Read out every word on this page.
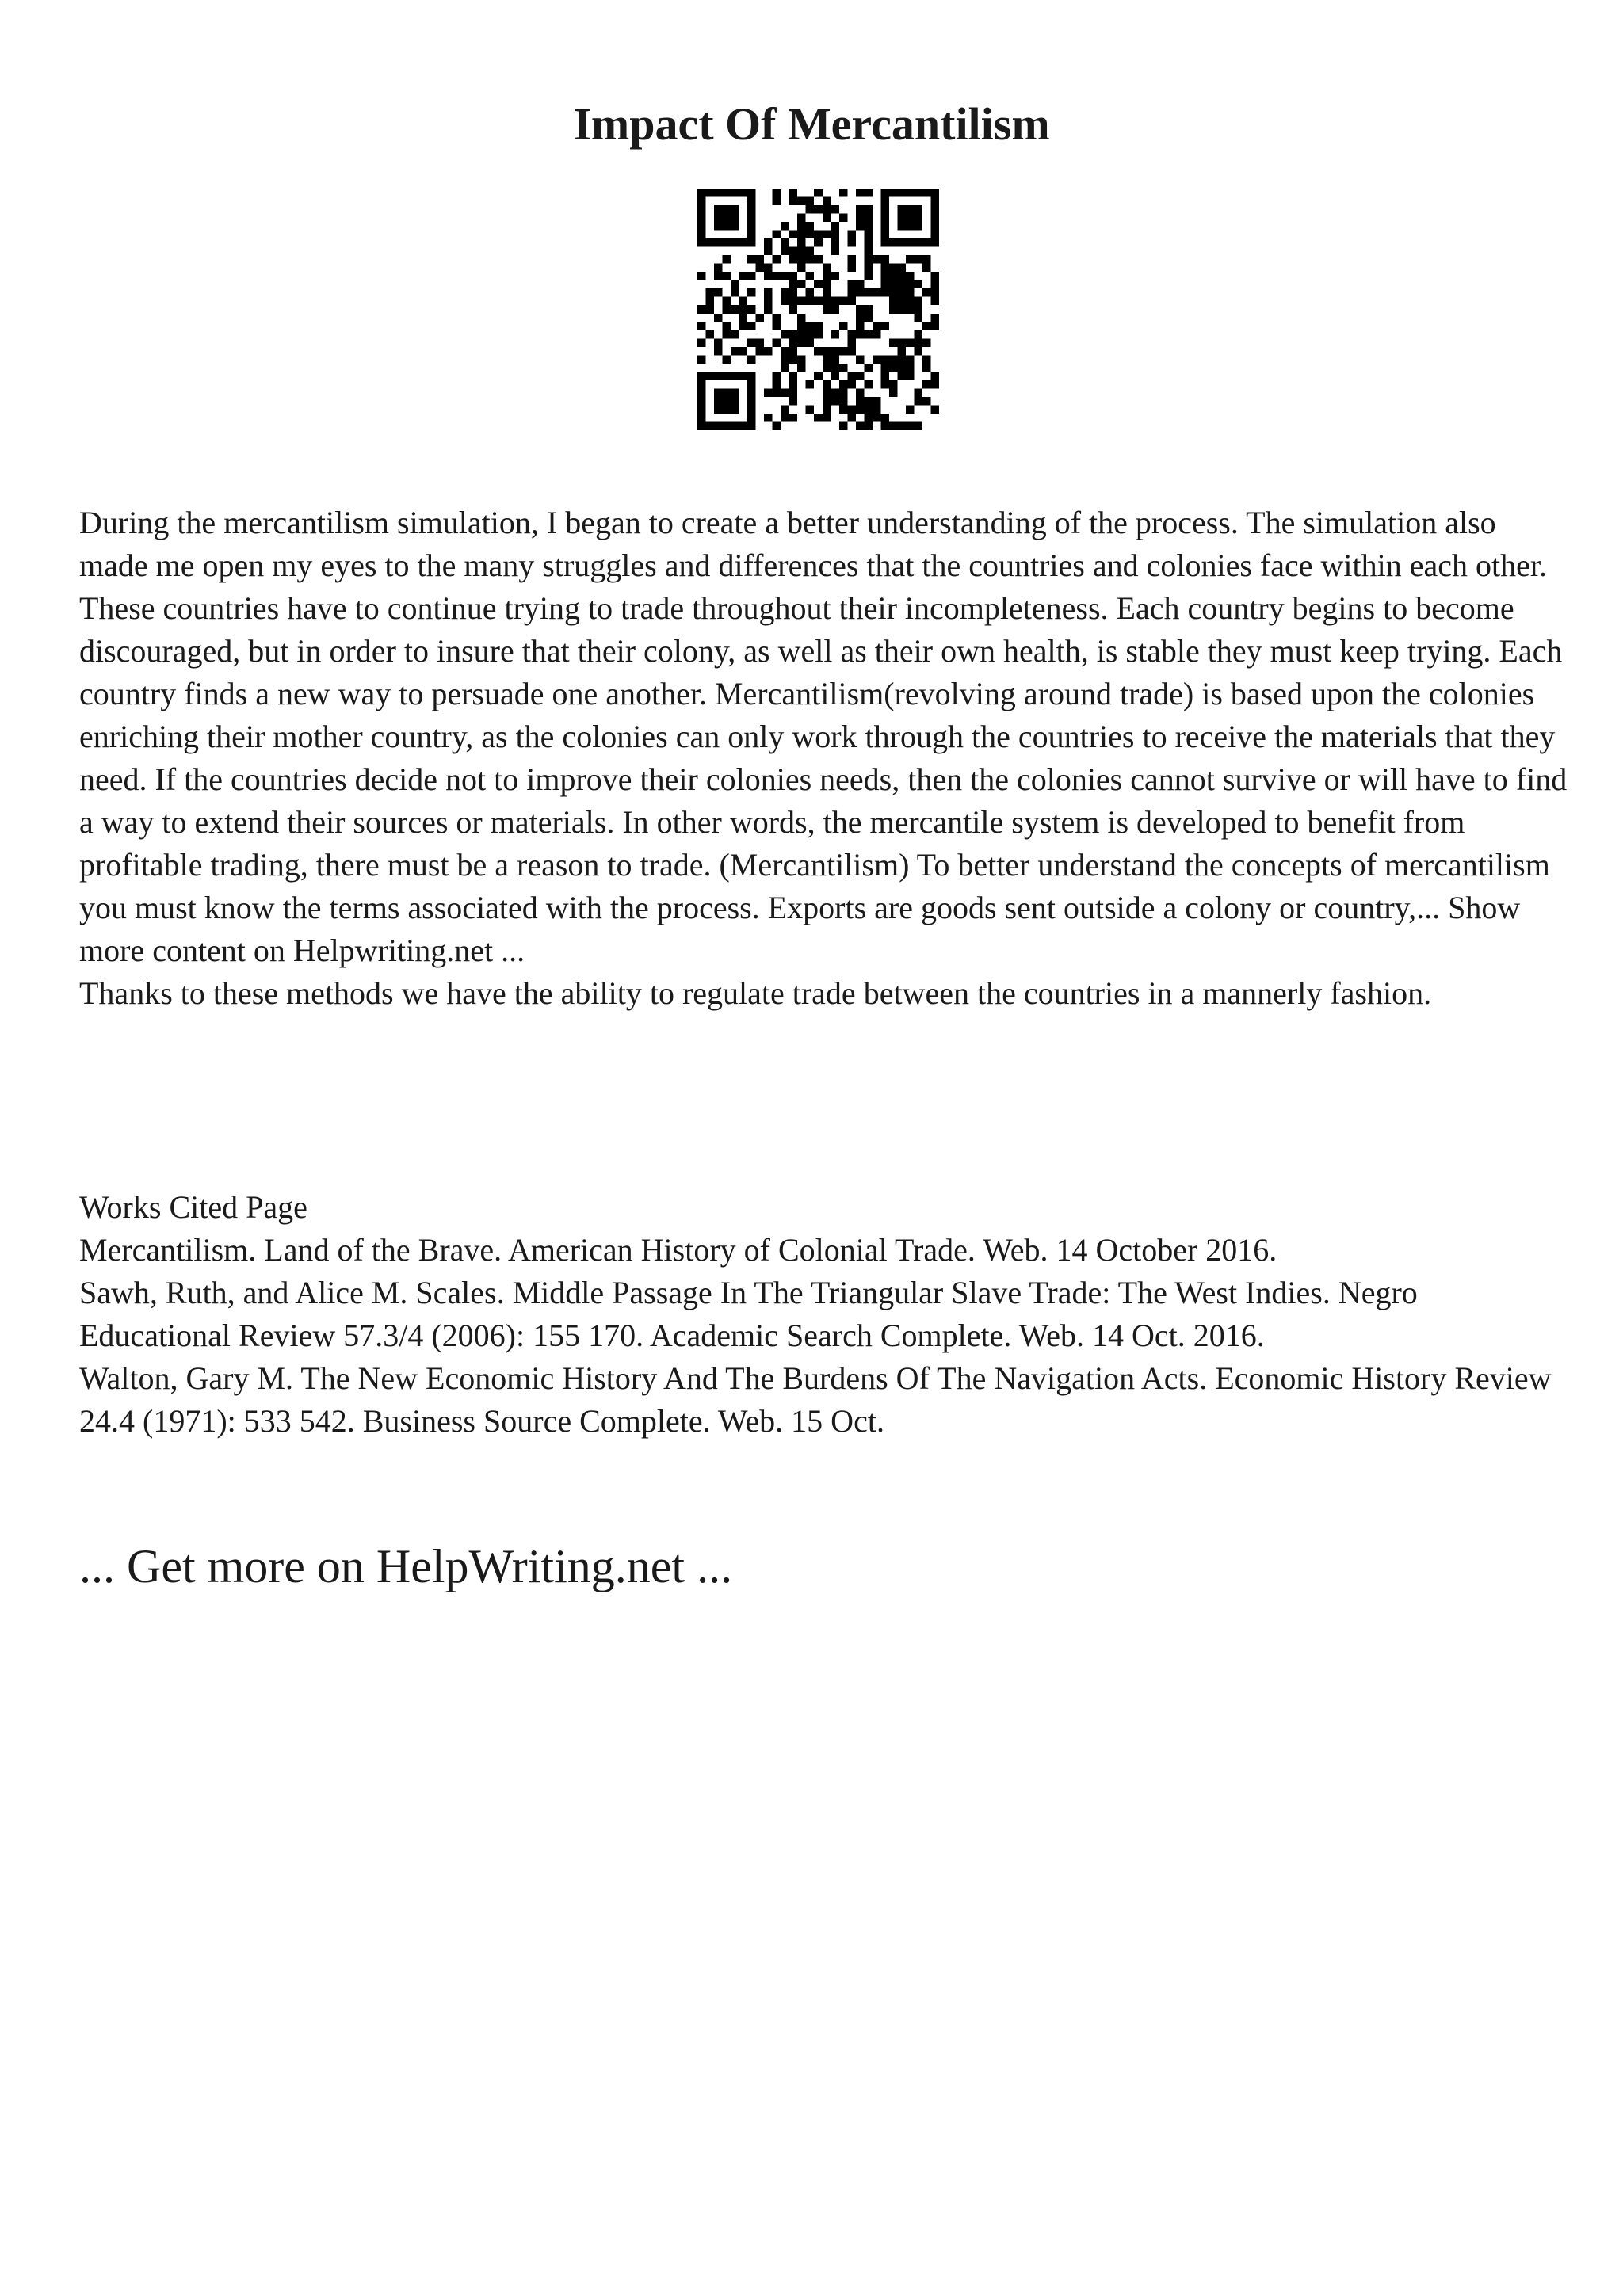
Impact Of Mercantilism

During the mercantilism simulation, I began to create a better understanding of the process. The simulation also made me open my eyes to the many struggles and differences that the countries and colonies face within each other. These countries have to continue trying to trade throughout their incompleteness. Each country begins to become discouraged, but in order to insure that their colony, as well as their own health, is stable they must keep trying. Each country finds a new way to persuade one another. Mercantilism(revolving around trade) is based upon the colonies enriching their mother country, as the colonies can only work through the countries to receive the materials that they need. If the countries decide not to improve their colonies needs, then the colonies cannot survive or will have to find a way to extend their sources or materials. In other words, the mercantile system is developed to benefit from profitable trading, there must be a reason to trade. (Mercantilism) To better understand the concepts of mercantilism you must know the terms associated with the process. Exports are goods sent outside a colony or country,... Show more content on Helpwriting.net ...

Thanks to these methods we have the ability to regulate trade between the countries in a mannerly fashion.

Works Cited Page
Mercantilism. Land of the Brave. American History of Colonial Trade. Web. 14 October 2016.
Sawh, Ruth, and Alice M. Scales. Middle Passage In The Triangular Slave Trade: The West Indies. Negro Educational Review 57.3/4 (2006): 155 170. Academic Search Complete. Web. 14 Oct. 2016.
Walton, Gary M. The New Economic History And The Burdens Of The Navigation Acts. Economic History Review 24.4 (1971): 533 542. Business Source Complete. Web. 15 Oct.

... Get more on HelpWriting.net ...
